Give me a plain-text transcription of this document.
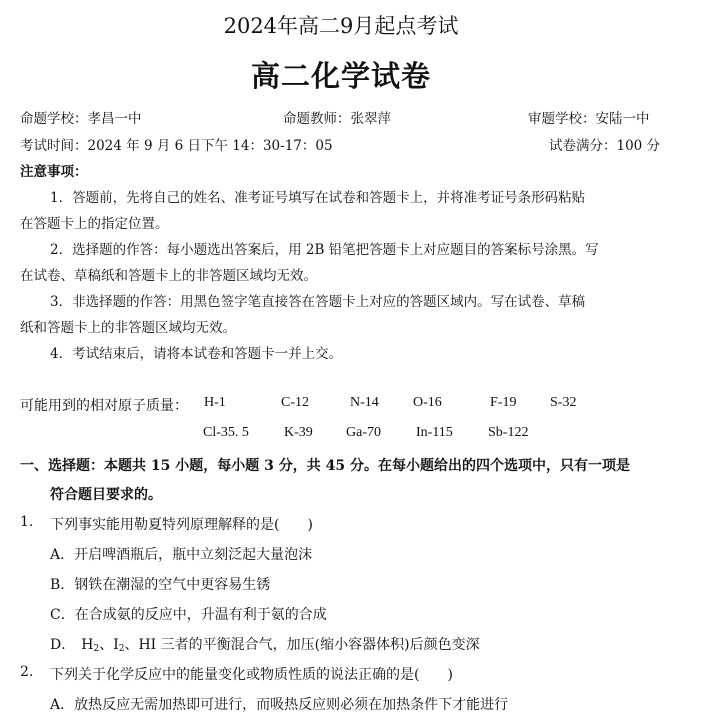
2024年高二9月起点考试
高二化学试卷
命题学校：孝昌一中	命题教师：张翠萍	审题学校：安陆一中
考试时间：2024 年 9 月 6 日下午 14：30-17：05	试卷满分：100 分
注意事项：
1．答题前，先将自己的姓名、准考证号填写在试卷和答题卡上，并将准考证号条形码粘贴
在答题卡上的指定位置。
2．选择题的作答：每小题选出答案后，用 2B 铅笔把答题卡上对应题目的答案标号涂黑。写
在试卷、草稿纸和答题卡上的非答题区域均无效。
3．非选择题的作答：用黑色签字笔直接答在答题卡上对应的答题区域内。写在试卷、草稿
纸和答题卡上的非答题区域均无效。
4．考试结束后，请将本试卷和答题卡一并上交。
可能用到的相对原子质量： H-1	C-12	N-14 O-16	F-19 S-32
Cl-35. 5	K-39 Ga-70	In-115	Sb-122
一、选择题：本题共 15 小题，每小题 3 分，共 45 分。在每小题给出的四个选项中，只有一项是
符合题目要求的。
1. 下列事实能用勒夏特列原理解释的是(　　)
A．开启啤酒瓶后，瓶中立刻泛起大量泡沫
B．钢铁在潮湿的空气中更容易生锈
C．在合成氨的反应中，升温有利于氨的合成
D． $H_2$、$I_2$、HI 三者的平衡混合气，加压(缩小容器体积)后颜色变深
2. 下列关于化学反应中的能量变化或物质性质的说法正确的是(　　)
A．放热反应无需加热即可进行，而吸热反应则必须在加热条件下才能进行
